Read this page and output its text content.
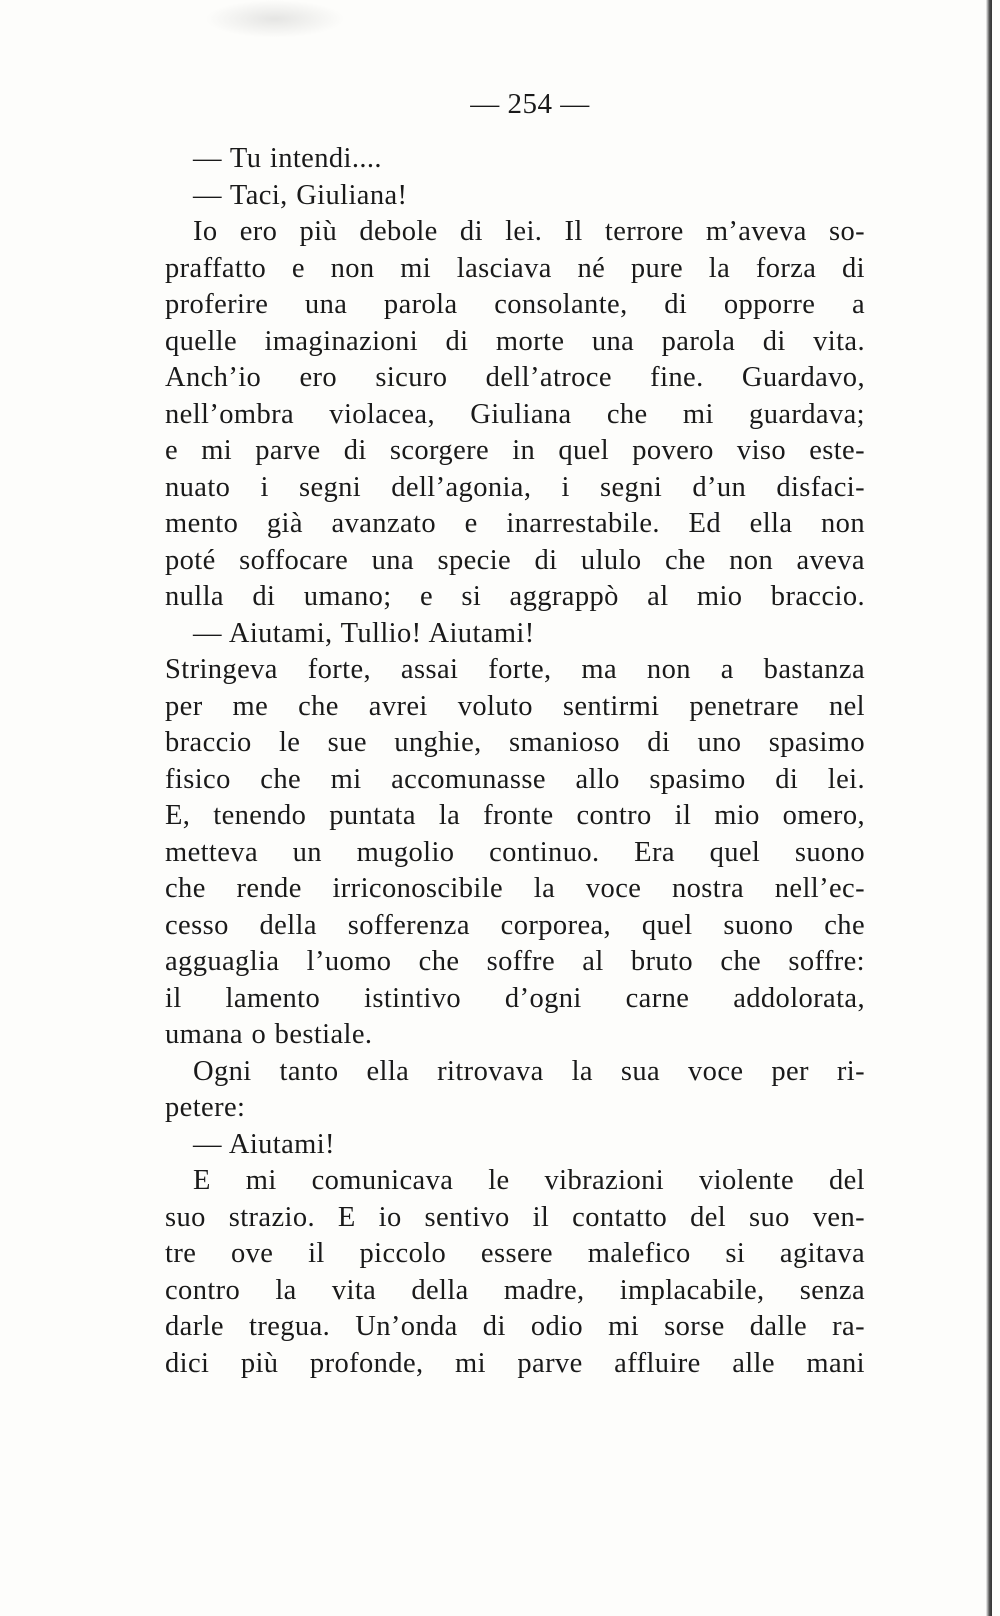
— 254 —
— Tu intendi....
— Taci, Giuliana!
Io ero più debole di lei. Il terrore m’aveva so-
praffatto e non mi lasciava né pure la forza di
proferire una parola consolante, di opporre a
quelle imaginazioni di morte una parola di vita.
Anch’io ero sicuro dell’atroce fine. Guardavo,
nell’ombra violacea, Giuliana che mi guardava;
e mi parve di scorgere in quel povero viso este-
nuato i segni dell’agonia, i segni d’un disfaci-
mento già avanzato e inarrestabile. Ed ella non
poté soffocare una specie di ululo che non aveva
nulla di umano; e si aggrappò al mio braccio.
— Aiutami, Tullio! Aiutami!
Stringeva forte, assai forte, ma non a bastanza
per me che avrei voluto sentirmi penetrare nel
braccio le sue unghie, smanioso di uno spasimo
fisico che mi accomunasse allo spasimo di lei.
E, tenendo puntata la fronte contro il mio omero,
metteva un mugolio continuo. Era quel suono
che rende irriconoscibile la voce nostra nell’ec-
cesso della sofferenza corporea, quel suono che
agguaglia l’uomo che soffre al bruto che soffre:
il lamento istintivo d’ogni carne addolorata,
umana o bestiale.
Ogni tanto ella ritrovava la sua voce per ri-
petere:
— Aiutami!
E mi comunicava le vibrazioni violente del
suo strazio. E io sentivo il contatto del suo ven-
tre ove il piccolo essere malefico si agitava
contro la vita della madre, implacabile, senza
darle tregua. Un’onda di odio mi sorse dalle ra-
dici più profonde, mi parve affluire alle mani
